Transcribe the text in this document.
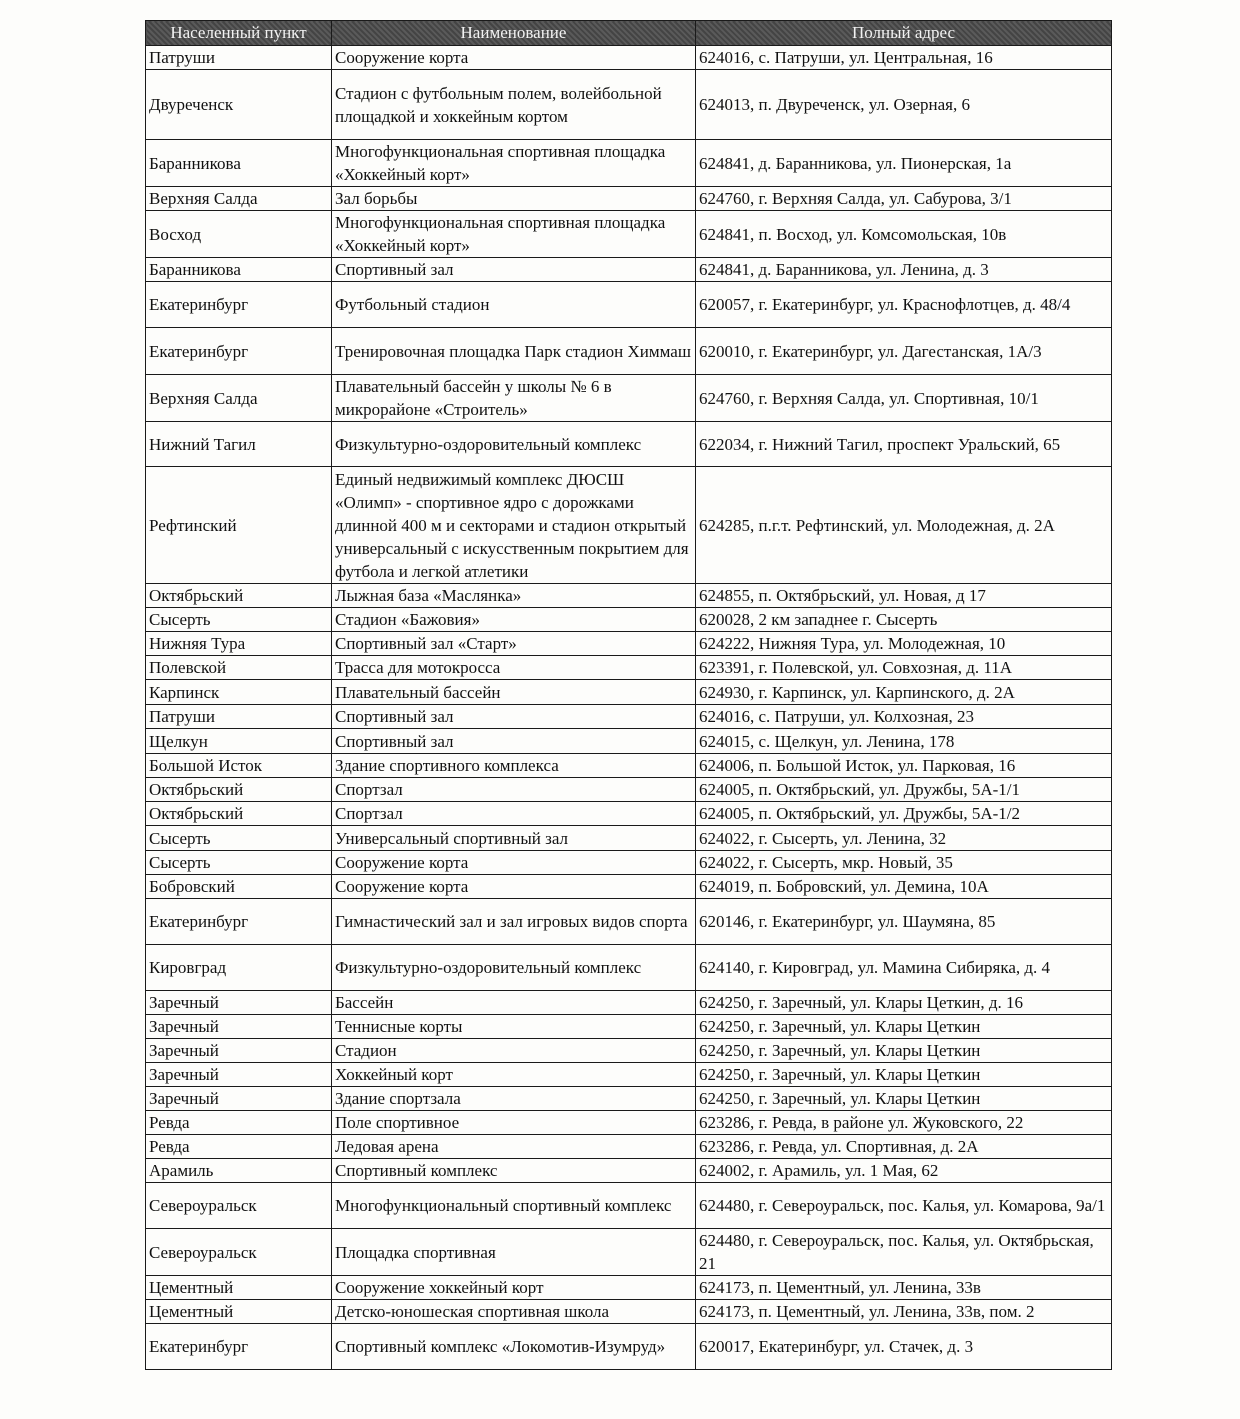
Населенный пункт	Наименование	Полный адрес
Патруши	Сооружение корта	624016, с. Патруши, ул. Центральная, 16
Двуреченск	Стадион с футбольным полем, волейбольной площадкой и хоккейным кортом	624013, п. Двуреченск, ул. Озерная, 6
Баранникова	Многофункциональная спортивная площадка «Хоккейный корт»	624841, д. Баранникова, ул. Пионерская, 1а
Верхняя Салда	Зал борьбы	624760, г. Верхняя Салда, ул. Сабурова, 3/1
Восход	Многофункциональная спортивная площадка «Хоккейный корт»	624841, п. Восход, ул. Комсомольская, 10в
Баранникова	Спортивный зал	624841, д. Баранникова, ул. Ленина, д. 3
Екатеринбург	Футбольный стадион	620057, г. Екатеринбург, ул. Краснофлотцев, д. 48/4
Екатеринбург	Тренировочная площадка Парк стадион Химмаш	620010, г. Екатеринбург, ул. Дагестанская, 1А/3
Верхняя Салда	Плавательный бассейн у школы № 6 в микрорайоне «Строитель»	624760, г. Верхняя Салда, ул. Спортивная, 10/1
Нижний Тагил	Физкультурно-оздоровительный комплекс	622034, г. Нижний Тагил, проспект Уральский, 65
Рефтинский	Единый недвижимый комплекс ДЮСШ «Олимп» - спортивное ядро с дорожками длинной 400 м и секторами и стадион открытый универсальный с искусственным покрытием для футбола и легкой атлетики	624285, п.г.т. Рефтинский, ул. Молодежная, д. 2А
Октябрьский	Лыжная база «Маслянка»	624855, п. Октябрьский, ул. Новая, д 17
Сысерть	Стадион «Бажовия»	620028, 2 км западнее г. Сысерть
Нижняя Тура	Спортивный зал «Старт»	624222, Нижняя Тура, ул. Молодежная, 10
Полевской	Трасса для мотокросса	623391, г. Полевской, ул. Совхозная, д. 11А
Карпинск	Плавательный бассейн	624930, г. Карпинск, ул. Карпинского, д. 2А
Патруши	Спортивный зал	624016, с. Патруши, ул. Колхозная, 23
Щелкун	Спортивный зал	624015, с. Щелкун, ул. Ленина, 178
Большой Исток	Здание спортивного комплекса	624006, п. Большой Исток, ул. Парковая, 16
Октябрьский	Спортзал	624005, п. Октябрьский, ул. Дружбы, 5А-1/1
Октябрьский	Спортзал	624005, п. Октябрьский, ул. Дружбы, 5А-1/2
Сысерть	Универсальный спортивный зал	624022, г. Сысерть, ул. Ленина, 32
Сысерть	Сооружение корта	624022, г. Сысерть, мкр. Новый, 35
Бобровский	Сооружение корта	624019, п. Бобровский, ул. Демина, 10А
Екатеринбург	Гимнастический зал и зал игровых видов спорта	620146, г. Екатеринбург, ул. Шаумяна, 85
Кировград	Физкультурно-оздоровительный комплекс	624140, г. Кировград, ул. Мамина Сибиряка, д. 4
Заречный	Бассейн	624250, г. Заречный, ул. Клары Цеткин, д. 16
Заречный	Теннисные корты	624250, г. Заречный, ул. Клары Цеткин
Заречный	Стадион	624250, г. Заречный, ул. Клары Цеткин
Заречный	Хоккейный корт	624250, г. Заречный, ул. Клары Цеткин
Заречный	Здание спортзала	624250, г. Заречный, ул. Клары Цеткин
Ревда	Поле спортивное	623286, г. Ревда, в районе ул. Жуковского, 22
Ревда	Ледовая арена	623286, г. Ревда, ул. Спортивная, д. 2А
Арамиль	Спортивный комплекс	624002, г. Арамиль, ул. 1 Мая, 62
Североуральск	Многофункциональный спортивный комплекс	624480, г. Североуральск, пос. Калья, ул. Комарова, 9а/1
Североуральск	Площадка спортивная	624480, г. Североуральск, пос. Калья, ул. Октябрьская, 21
Цементный	Сооружение хоккейный корт	624173, п. Цементный, ул. Ленина, 33в
Цементный	Детско-юношеская спортивная школа	624173, п. Цементный, ул. Ленина, 33в, пом. 2
Екатеринбург	Спортивный комплекс «Локомотив-Изумруд»	620017, Екатеринбург, ул. Стачек, д. 3
